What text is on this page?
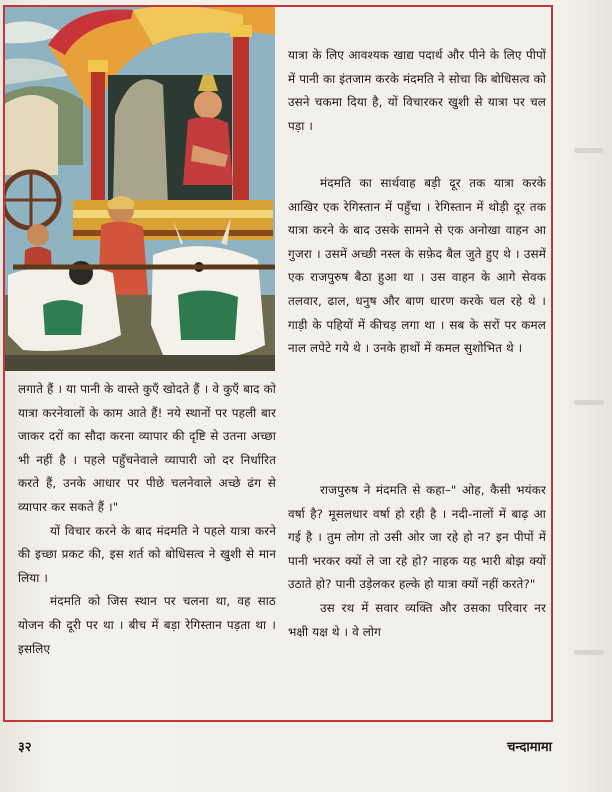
यात्रा के लिए आवश्यक खाद्य पदार्थ और पीने के लिए पीपों में पानी का इंतजाम करके मंदमति ने सोचा कि बोधिसत्व को उसने चकमा दिया है, यों विचारकर खुशी से यात्रा पर चल पड़ा ।

मंदमति का सार्थवाह बड़ी दूर तक यात्रा करके आखिर एक रेगिस्तान में पहुँचा । रेगिस्तान में थोड़ी दूर तक यात्रा करने के बाद उसके सामने से एक अनोखा वाहन आ गुजरा । उसमें अच्छी नस्ल के सफ़ेद बैल जुते हुए थे । उसमें एक राजपुरुष बैठा हुआ था । उस वाहन के आगे सेवक तलवार, ढाल, धनुष और बाण धारण करके चल रहे थे । गाड़ी के पहियों में कीचड़ लगा था । सब के सरों पर कमल नाल लपेटे गये थे । उनके हाथों में कमल सुशोभित थे ।

राजपुरुष ने मंदमति से कहा–" ओह, कैसी भयंकर वर्षा है? मूसलधार वर्षा हो रही है । नदी-नालों में बाढ़ आ गई है । तुम लोग तो उसी ओर जा रहे हो न? इन पीपों में पानी भरकर क्यों ले जा रहे हो? नाहक यह भारी बोझ क्यों उठाते हो? पानी उड़ेलकर हल्के हो यात्रा क्यों नहीं करते?"

उस रथ में सवार व्यक्ति और उसका परिवार नर भक्षी यक्ष थे । वे लोग

लगाते हैं । या पानी के वास्ते कुएँ खोदते हैं । वे कुएँ बाद को यात्रा करनेवालों के काम आते हैं! नये स्थानों पर पहली बार जाकर दरों का सौदा करना व्यापार की दृष्टि से उतना अच्छा भी नहीं है । पहले पहुँचनेवाले व्यापारी जो दर निर्धारित करते हैं, उनके आधार पर पीछे चलनेवाले अच्छे ढंग से व्यापार कर सकते हैं ।"

यों विचार करने के बाद मंदमति ने पहले यात्रा करने की इच्छा प्रकट की, इस शर्त को बोधिसत्व ने खुशी से मान लिया ।

मंदमति को जिस स्थान पर चलना था, वह साठ योजन की दूरी पर था । बीच में बड़ा रेगिस्तान पड़ता था । इसलिए

३२	चन्दामामा
